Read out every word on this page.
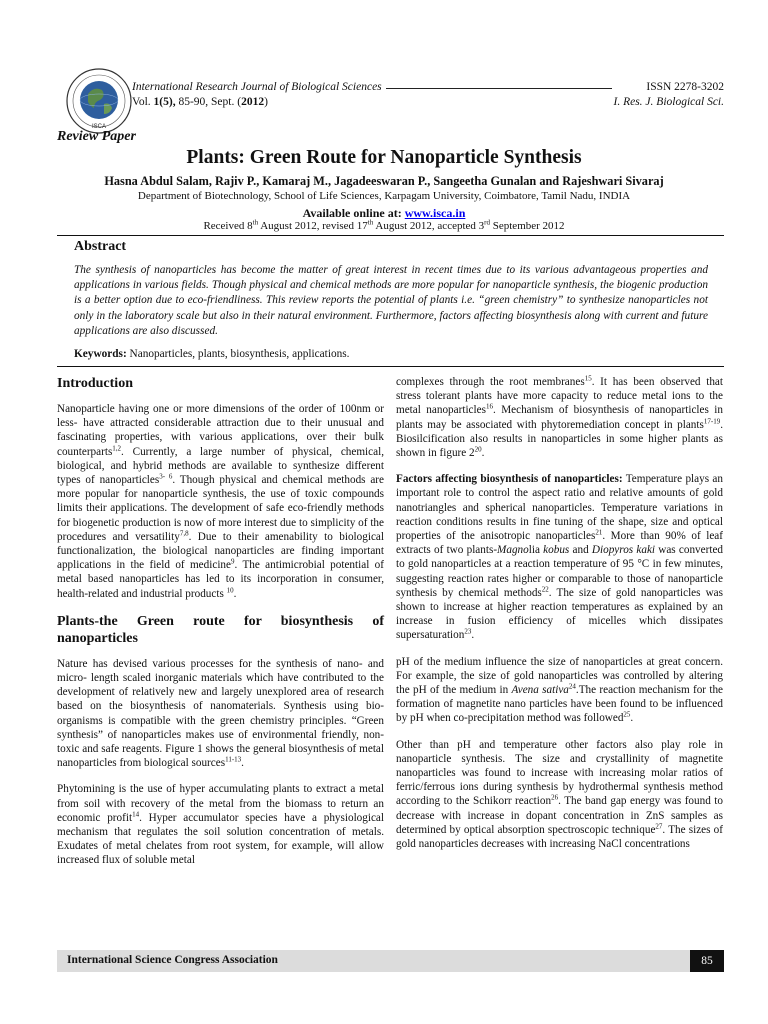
ISCA
International Research Journal of Biological Sciences	ISSN 2278-3202
Vol. 1(5), 85-90, Sept. (2012)	I. Res. J. Biological Sci.
Review Paper
Plants: Green Route for Nanoparticle Synthesis
Hasna Abdul Salam, Rajiv P., Kamaraj M., Jagadeeswaran P., Sangeetha Gunalan and Rajeshwari Sivaraj
Department of Biotechnology, School of Life Sciences, Karpagam University, Coimbatore, Tamil Nadu, INDIA
Available online at: www.isca.in
Received 8th August 2012, revised 17th August 2012, accepted 3rd September 2012
Abstract
The synthesis of nanoparticles has become the matter of great interest in recent times due to its various advantageous properties and applications in various fields. Though physical and chemical methods are more popular for nanoparticle synthesis, the biogenic production is a better option due to eco-friendliness. This review reports the potential of plants i.e. “green chemistry” to synthesize nanoparticles not only in the laboratory scale but also in their natural environment. Furthermore, factors affecting biosynthesis along with current and future applications are also discussed.
Keywords: Nanoparticles, plants, biosynthesis, applications.
Introduction
Nanoparticle having one or more dimensions of the order of 100nm or less- have attracted considerable attraction due to their unusual and fascinating properties, with various applications, over their bulk counterparts$^{1,2}$. Currently, a large number of physical, chemical, biological, and hybrid methods are available to synthesize different types of nanoparticles$^{3- 6}$. Though physical and chemical methods are more popular for nanoparticle synthesis, the use of toxic compounds limits their applications. The development of safe eco-friendly methods for biogenetic production is now of more interest due to simplicity of the procedures and versatility$^{7,8}$. Due to their amenability to biological functionalization, the biological nanoparticles are finding important applications in the field of medicine$^9$. The antimicrobial potential of metal based nanoparticles has led to its incorporation in consumer, health-related and industrial products $^{10}$.
Plants-the Green route for biosynthesis of nanoparticles
Nature has devised various processes for the synthesis of nano- and micro- length scaled inorganic materials which have contributed to the development of relatively new and largely unexplored area of research based on the biosynthesis of nanomaterials. Synthesis using bio-organisms is compatible with the green chemistry principles. “Green synthesis” of nanoparticles makes use of environmental friendly, non-toxic and safe reagents. Figure 1 shows the general biosynthesis of metal nanoparticles from biological sources$^{11-13}$.
Phytomining is the use of hyper accumulating plants to extract a metal from soil with recovery of the metal from the biomass to return an economic profit$^{14}$. Hyper accumulator species have a physiological mechanism that regulates the soil solution concentration of metals. Exudates of metal chelates from root system, for example, will allow increased flux of soluble metal
complexes through the root membranes$^{15}$. It has been observed that stress tolerant plants have more capacity to reduce metal ions to the metal nanoparticles$^{16}$. Mechanism of biosynthesis of nanoparticles in plants may be associated with phytoremediation concept in plants$^{17-19}$. Biosilcification also results in nanoparticles in some higher plants as shown in figure $2^{20}$.
Factors affecting biosynthesis of nanoparticles: Temperature plays an important role to control the aspect ratio and relative amounts of gold nanotriangles and spherical nanoparticles. Temperature variations in reaction conditions results in fine tuning of the shape, size and optical properties of the anisotropic nanoparticles$^{21}$. More than 90% of leaf extracts of two plants-Magnolia kobus and Diopyros kaki was converted to gold nanoparticles at a reaction temperature of 95 °C in few minutes, suggesting reaction rates higher or comparable to those of nanoparticle synthesis by chemical methods$^{22}$. The size of gold nanoparticles was shown to increase at higher reaction temperatures as explained by an increase in fusion efficiency of micelles which dissipates supersaturation$^{23}$.
pH of the medium influence the size of nanoparticles at great concern. For example, the size of gold nanoparticles was controlled by altering the pH of the medium in Avena sativa$^{24}$.The reaction mechanism for the formation of magnetite nano particles have been found to be influenced by pH when co-precipitation method was followed$^{25}$.
Other than pH and temperature other factors also play role in nanoparticle synthesis. The size and crystallinity of magnetite nanoparticles was found to increase with increasing molar ratios of ferric/ferrous ions during synthesis by hydrothermal synthesis method according to the Schikorr reaction$^{26}$. The band gap energy was found to decrease with increase in dopant concentration in ZnS samples as determined by optical absorption spectroscopic technique$^{27}$. The sizes of gold nanoparticles decreases with increasing NaCl concentrations
International Science Congress Association	85
